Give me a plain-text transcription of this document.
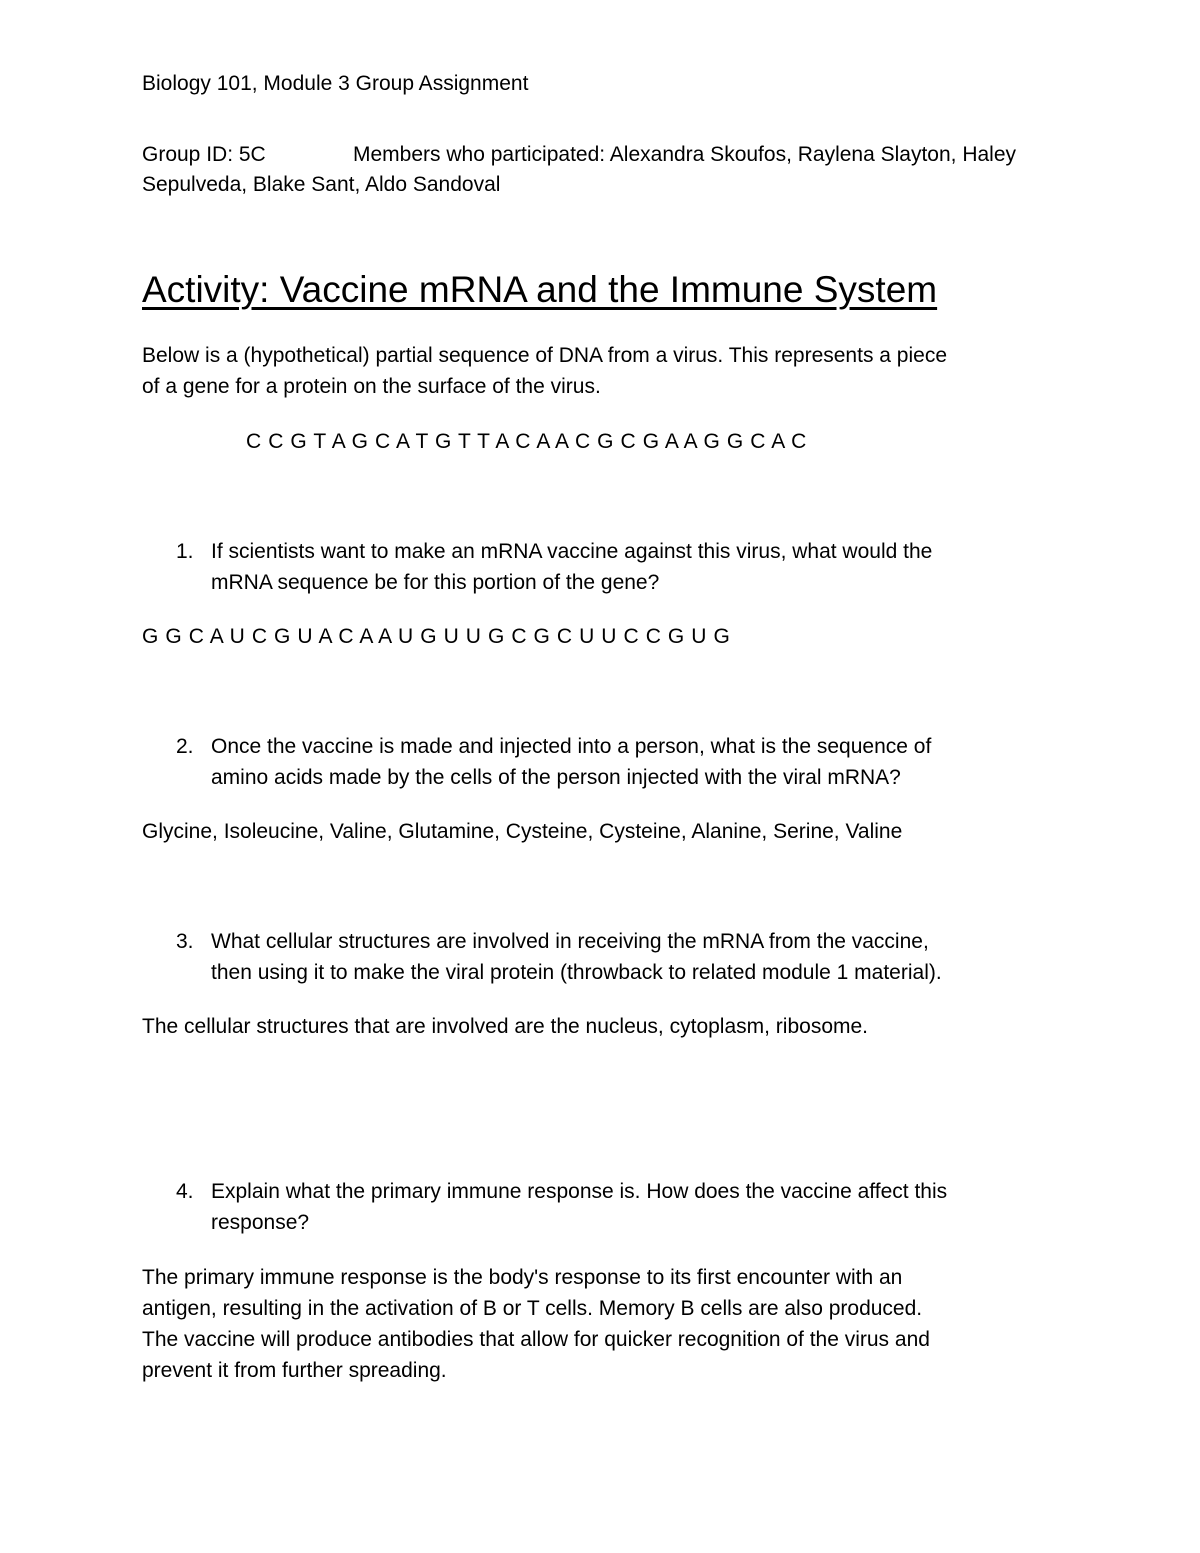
Biology 101, Module 3 Group Assignment
Group ID: 5C	Members who participated: Alexandra Skoufos, Raylena Slayton, Haley
Sepulveda, Blake Sant, Aldo Sandoval
Activity: Vaccine mRNA and the Immune System
Below is a (hypothetical) partial sequence of DNA from a virus. This represents a piece
of a gene for a protein on the surface of the virus.
C C G T A G C A T G T T A C A A C G C G A A G G C A C
1. If scientists want to make an mRNA vaccine against this virus, what would the
mRNA sequence be for this portion of the gene?
G G C A U C G U A C A A U G U U G C G C U U C C G U G
2. Once the vaccine is made and injected into a person, what is the sequence of
amino acids made by the cells of the person injected with the viral mRNA?
Glycine, Isoleucine, Valine, Glutamine, Cysteine, Cysteine, Alanine, Serine, Valine
3. What cellular structures are involved in receiving the mRNA from the vaccine,
then using it to make the viral protein (throwback to related module 1 material).
The cellular structures that are involved are the nucleus, cytoplasm, ribosome.
4. Explain what the primary immune response is. How does the vaccine affect this
response?
The primary immune response is the body's response to its first encounter with an
antigen, resulting in the activation of B or T cells. Memory B cells are also produced.
The vaccine will produce antibodies that allow for quicker recognition of the virus and
prevent it from further spreading.
